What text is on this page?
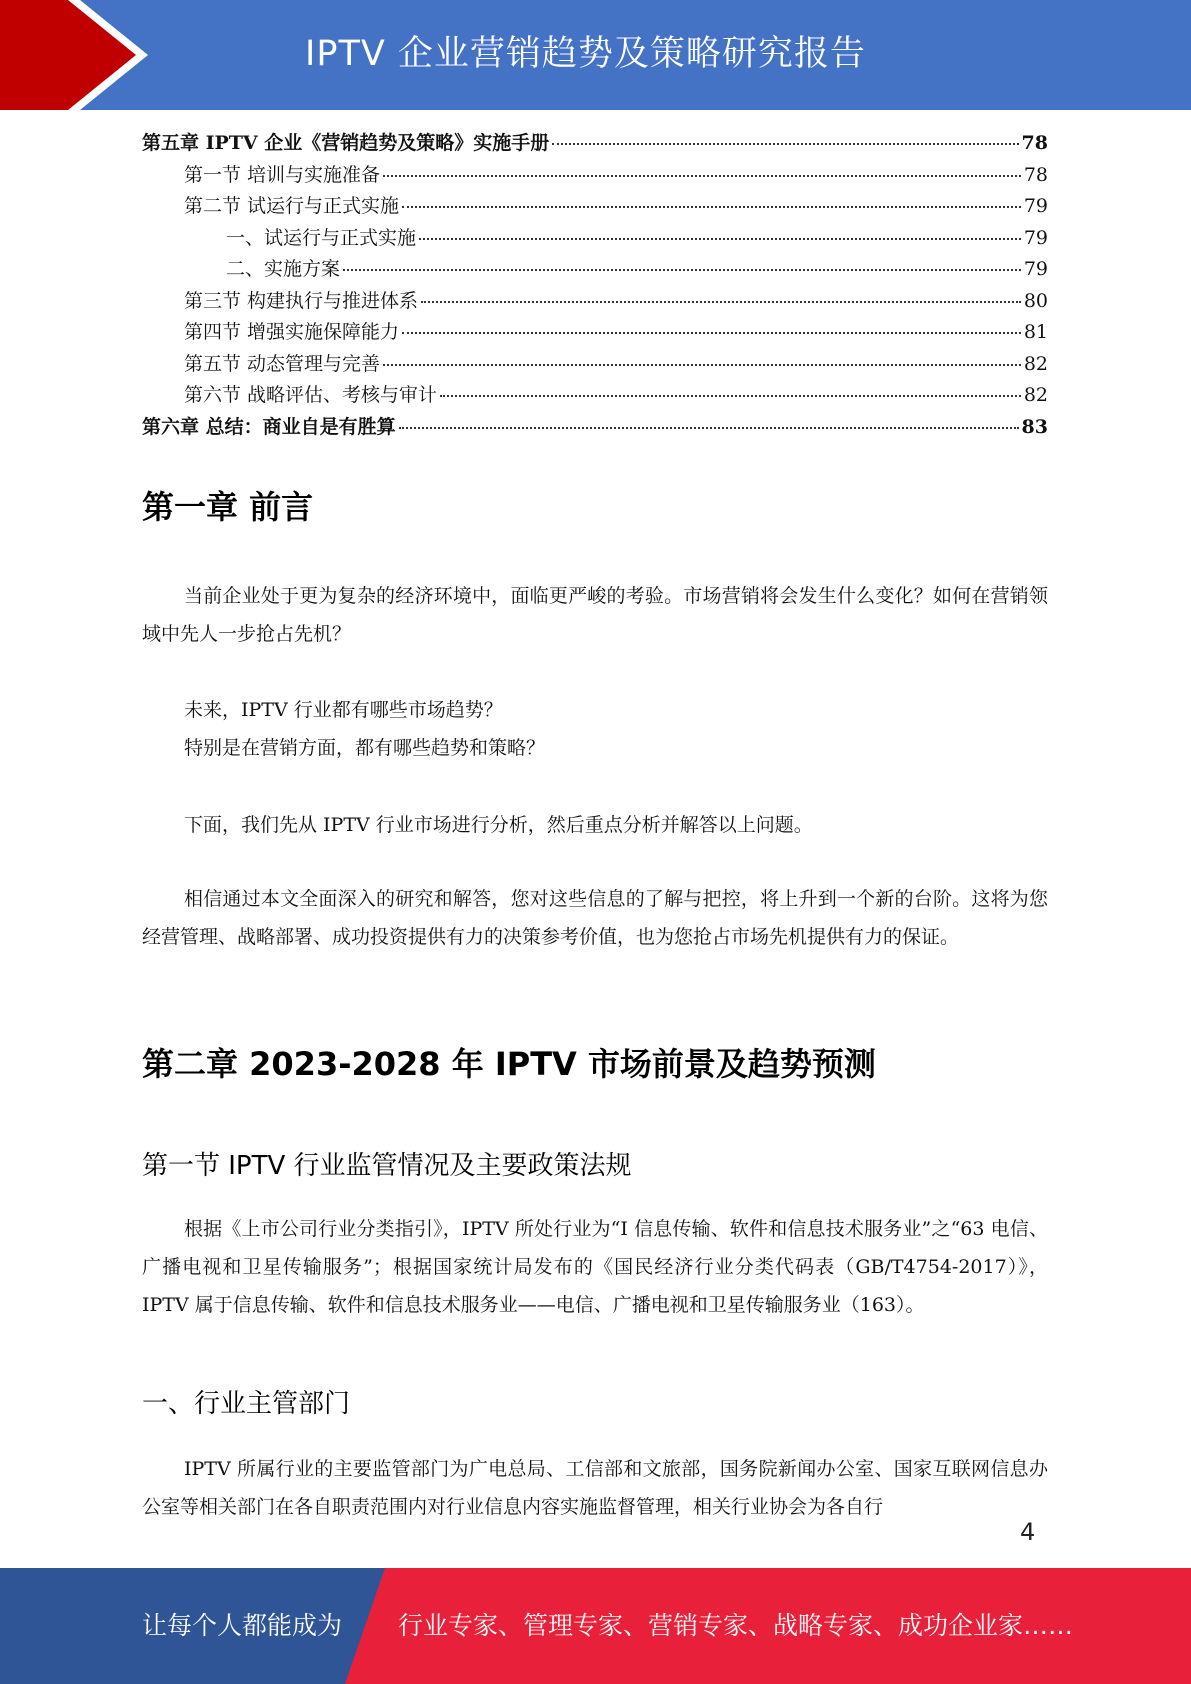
IPTV 企业营销趋势及策略研究报告
第五章 IPTV 企业《营销趋势及策略》实施手册	78
第一节 培训与实施准备	78
第二节 试运行与正式实施	79
一、试运行与正式实施	79
二、实施方案	79
第三节 构建执行与推进体系	80
第四节 增强实施保障能力	81
第五节 动态管理与完善	82
第六节 战略评估、考核与审计	82
第六章 总结：商业自是有胜算	83
第一章 前言

当前企业处于更为复杂的经济环境中，面临更严峻的考验。市场营销将会发生什么变化？如何在营销领域中先人一步抢占先机？

未来，IPTV 行业都有哪些市场趋势？

特别是在营销方面，都有哪些趋势和策略？

下面，我们先从 IPTV 行业市场进行分析，然后重点分析并解答以上问题。

相信通过本文全面深入的研究和解答，您对这些信息的了解与把控，将上升到一个新的台阶。这将为您经营管理、战略部署、成功投资提供有力的决策参考价值，也为您抢占市场先机提供有力的保证。

第二章 2023-2028 年 IPTV 市场前景及趋势预测
第一节 IPTV 行业监管情况及主要政策法规

根据《上市公司行业分类指引》，IPTV 所处行业为“I 信息传输、软件和信息技术服务业”之“63 电信、广播电视和卫星传输服务”；根据国家统计局发布的《国民经济行业分类代码表（GB/T4754-2017）》，IPTV 属于信息传输、软件和信息技术服务业——电信、广播电视和卫星传输服务业（163）。

一、行业主管部门

IPTV 所属行业的主要监管部门为广电总局、工信部和文旅部，国务院新闻办公室、国家互联网信息办公室等相关部门在各自职责范围内对行业信息内容实施监督管理，相关行业协会为各自行

4
让每个人都能成为 行业专家、管理专家、营销专家、战略专家、成功企业家……
